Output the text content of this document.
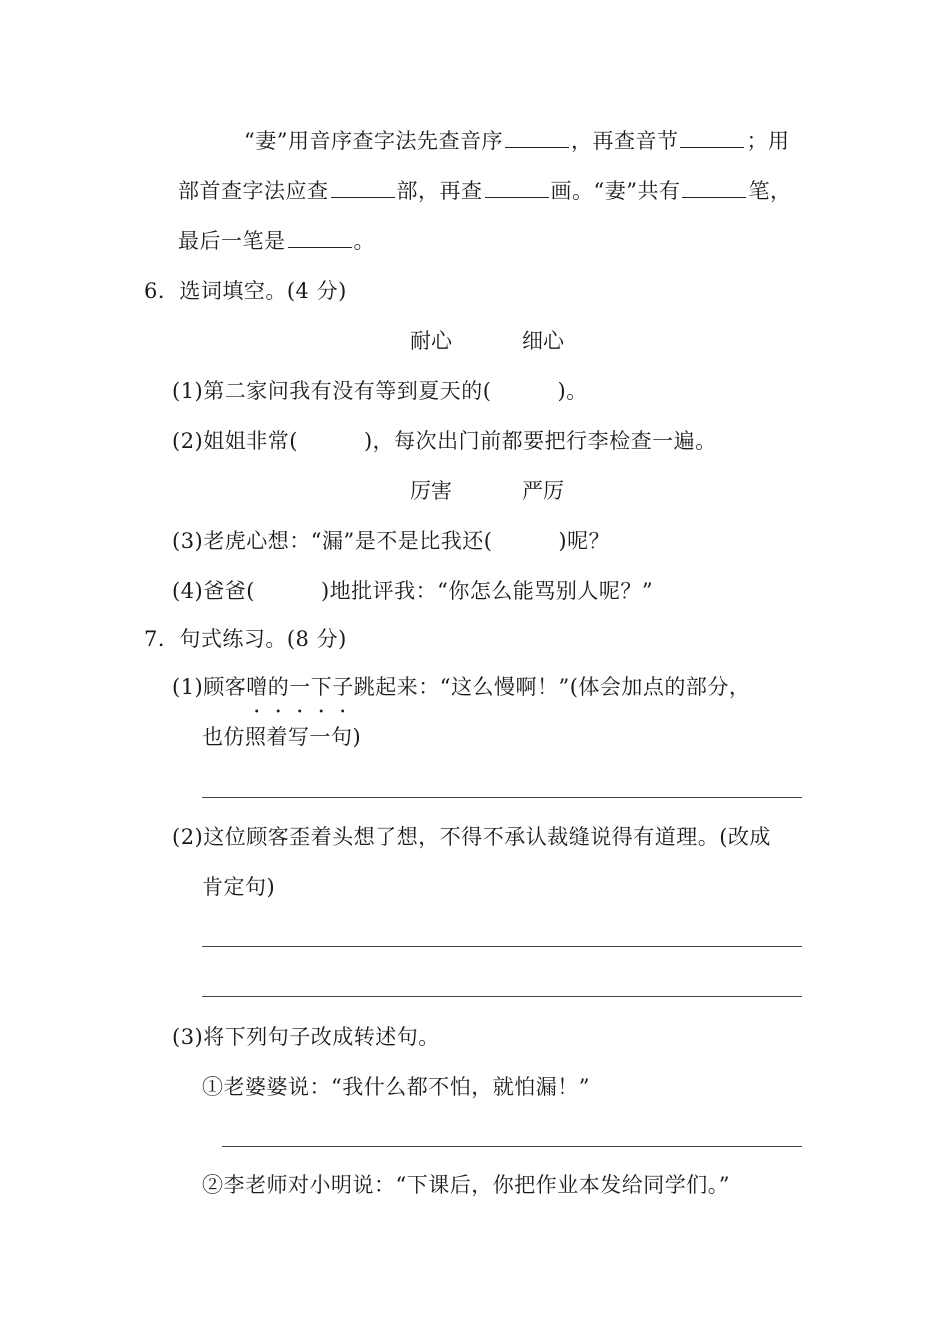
“妻”用音序查字法先查音序	，再查音节	；用
部首查字法应查	部，再查	画。“妻”共有	笔，
最后一笔是	。
6．选词填空。(4 分)
耐心	细心
(1)第二家问我有没有等到夏天的(	)。
(2)姐姐非常(	)，每次出门前都要把行李检查一遍。
厉害	严厉
(3)老虎心想：“漏”是不是比我还(	)呢？
(4)爸爸(	)地批评我：“你怎么能骂别人呢？”
7．句式练习。(8 分)
(1)顾客噌的一下子跳起来：“这么慢啊！”(体会加点的部分，
也仿照着写一句)
(2)这位顾客歪着头想了想，不得不承认裁缝说得有道理。(改成
肯定句)
(3)将下列句子改成转述句。
①老婆婆说：“我什么都不怕，就怕漏！”
②李老师对小明说：“下课后，你把作业本发给同学们。”
